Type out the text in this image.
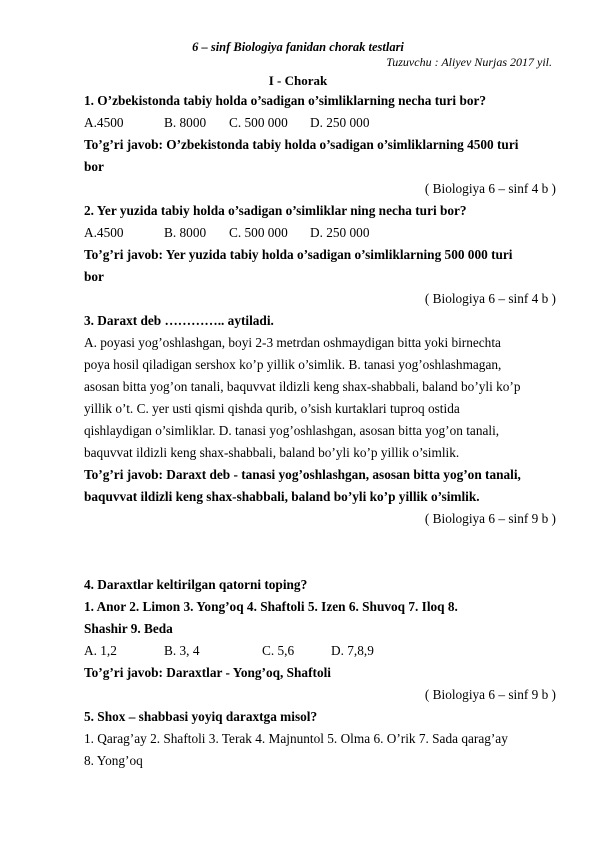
6 – sinf Biologiya fanidan chorak testlari
Tuzuvchu : Aliyev Nurjas 2017 yil.
I - Chorak
1. O’zbekistonda tabiy holda o’sadigan o’simliklarning necha turi bor?
A.4500	B. 8000 C. 500 000 D. 250 000
To’g’ri javob: O’zbekistonda tabiy holda o’sadigan o’simliklarning 4500 turi
bor
( Biologiya 6 – sinf 4 b )
2. Yer yuzida tabiy holda o’sadigan o’simliklar ning necha turi bor?
A.4500	B. 8000 C. 500 000 D. 250 000
To’g’ri javob: Yer yuzida tabiy holda o’sadigan o’simliklarning 500 000 turi
bor
( Biologiya 6 – sinf 4 b )
3. Daraxt deb ………….. aytiladi.
A. poyasi yog’oshlashgan, boyi 2-3 metrdan oshmaydigan bitta yoki birnechta
poya hosil qiladigan sershox ko’p yillik o’simlik. B. tanasi yog’oshlashmagan,
asosan bitta yog’on tanali, baquvvat ildizli keng shax-shabbali, baland bo’yli ko’p
yillik o’t. C. yer usti qismi qishda qurib, o’sish kurtaklari tuproq ostida
qishlaydigan o’simliklar. D. tanasi yog’oshlashgan, asosan bitta yog’on tanali,
baquvvat ildizli keng shax-shabbali, baland bo’yli ko’p yillik o’simlik.
To’g’ri javob: Daraxt deb - tanasi yog’oshlashgan, asosan bitta yog’on tanali,
baquvvat ildizli keng shax-shabbali, baland bo’yli ko’p yillik o’simlik.
( Biologiya 6 – sinf 9 b )
4. Daraxtlar keltirilgan qatorni toping?
1. Anor 2. Limon 3. Yong’oq 4. Shaftoli 5. Izen 6. Shuvoq 7. Iloq 8.
Shashir 9. Beda
A. 1,2	B. 3, 4	C. 5,6	D. 7,8,9
To’g’ri javob: Daraxtlar - Yong’oq, Shaftoli
( Biologiya 6 – sinf 9 b )
5. Shox – shabbasi yoyiq daraxtga misol?
1. Qarag’ay 2. Shaftoli 3. Terak 4. Majnuntol 5. Olma 6. O’rik 7. Sada qarag’ay
8. Yong’oq
